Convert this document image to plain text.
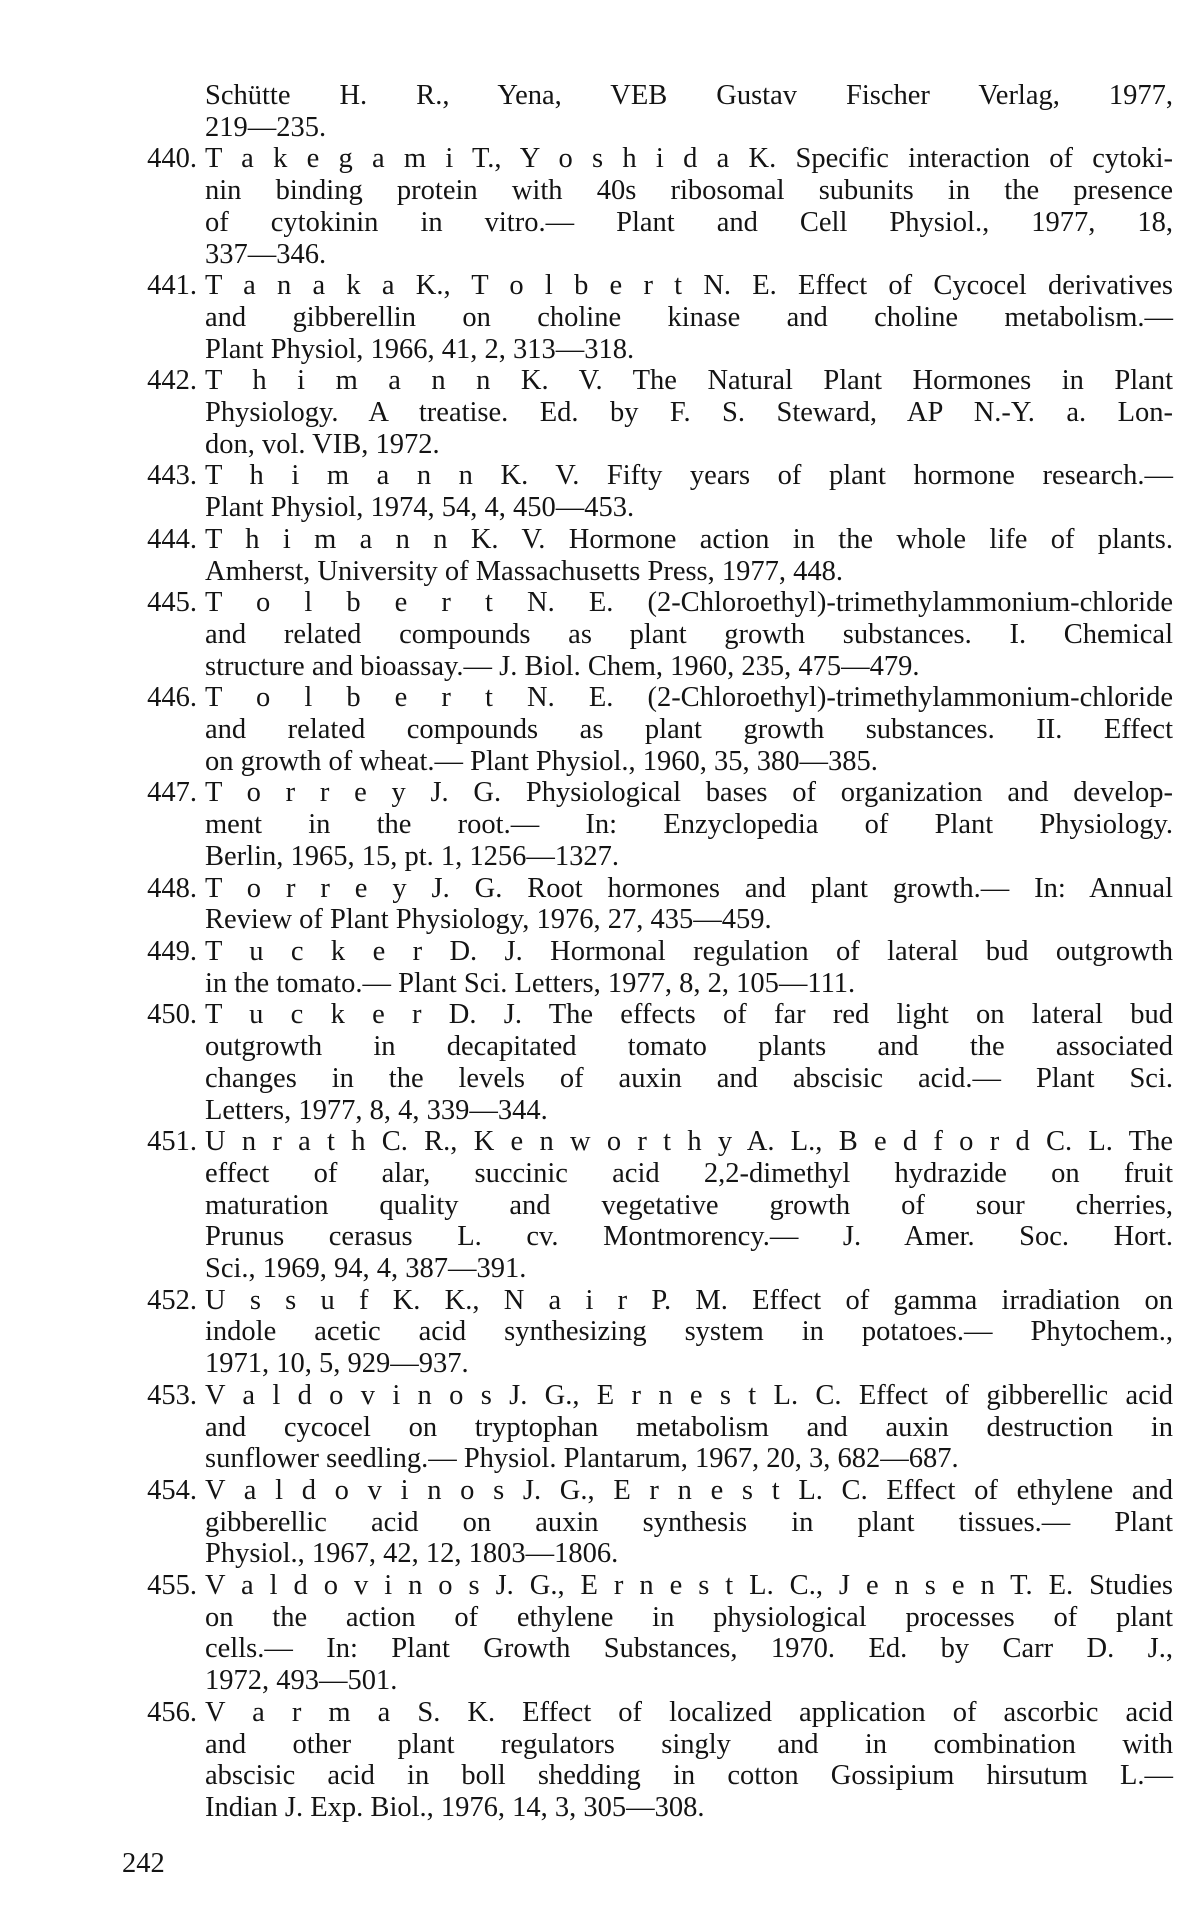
Schütte H. R., Yena, VEB Gustav Fischer Verlag, 1977,
219—235.
440. T a k e g a m i T., Y o s h i d a K. Specific interaction of cytoki-
nin binding protein with 40s ribosomal subunits in the presence
of cytokinin in vitro.— Plant and Cell Physiol., 1977, 18,
337—346.
441. T a n a k a K., T o l b e r t N. E. Effect of Cycocel derivatives
and gibberellin on choline kinase and choline metabolism.—
Plant Physiol, 1966, 41, 2, 313—318.
442. T h i m a n n K. V. The Natural Plant Hormones in Plant
Physiology. A treatise. Ed. by F. S. Steward, AP N.-Y. a. Lon-
don, vol. VIB, 1972.
443. T h i m a n n K. V. Fifty years of plant hormone research.—
Plant Physiol, 1974, 54, 4, 450—453.
444. T h i m a n n K. V. Hormone action in the whole life of plants.
Amherst, University of Massachusetts Press, 1977, 448.
445. T o l b e r t N. E. (2-Chloroethyl)-trimethylammonium-chloride
and related compounds as plant growth substances. I. Chemical
structure and bioassay.— J. Biol. Chem, 1960, 235, 475—479.
446. T o l b e r t N. E. (2-Chloroethyl)-trimethylammonium-chloride
and related compounds as plant growth substances. II. Effect
on growth of wheat.— Plant Physiol., 1960, 35, 380—385.
447. T o r r e y J. G. Physiological bases of organization and develop-
ment in the root.— In: Enzyclopedia of Plant Physiology.
Berlin, 1965, 15, pt. 1, 1256—1327.
448. T o r r e y J. G. Root hormones and plant growth.— In: Annual
Review of Plant Physiology, 1976, 27, 435—459.
449. T u c k e r D. J. Hormonal regulation of lateral bud outgrowth
in the tomato.— Plant Sci. Letters, 1977, 8, 2, 105—111.
450. T u c k e r D. J. The effects of far red light on lateral bud
outgrowth in decapitated tomato plants and the associated
changes in the levels of auxin and abscisic acid.— Plant Sci.
Letters, 1977, 8, 4, 339—344.
451. U n r a t h C. R., K e n w o r t h y A. L., B e d f o r d C. L. The
effect of alar, succinic acid 2,2-dimethyl hydrazide on fruit
maturation quality and vegetative growth of sour cherries,
Prunus cerasus L. cv. Montmorency.— J. Amer. Soc. Hort.
Sci., 1969, 94, 4, 387—391.
452. U s s u f K. K., N a i r P. M. Effect of gamma irradiation on
indole acetic acid synthesizing system in potatoes.— Phytochem.,
1971, 10, 5, 929—937.
453. V a l d o v i n o s J. G., E r n e s t L. C. Effect of gibberellic acid
and cycocel on tryptophan metabolism and auxin destruction in
sunflower seedling.— Physiol. Plantarum, 1967, 20, 3, 682—687.
454. V a l d o v i n o s J. G., E r n e s t L. C. Effect of ethylene and
gibberellic acid on auxin synthesis in plant tissues.— Plant
Physiol., 1967, 42, 12, 1803—1806.
455. V a l d o v i n o s J. G., E r n e s t L. C., J e n s e n T. E. Studies
on the action of ethylene in physiological processes of plant
cells.— In: Plant Growth Substances, 1970. Ed. by Carr D. J.,
1972, 493—501.
456. V a r m a S. K. Effect of localized application of ascorbic acid
and other plant regulators singly and in combination with
abscisic acid in boll shedding in cotton Gossipium hirsutum L.—
Indian J. Exp. Biol., 1976, 14, 3, 305—308.
242
